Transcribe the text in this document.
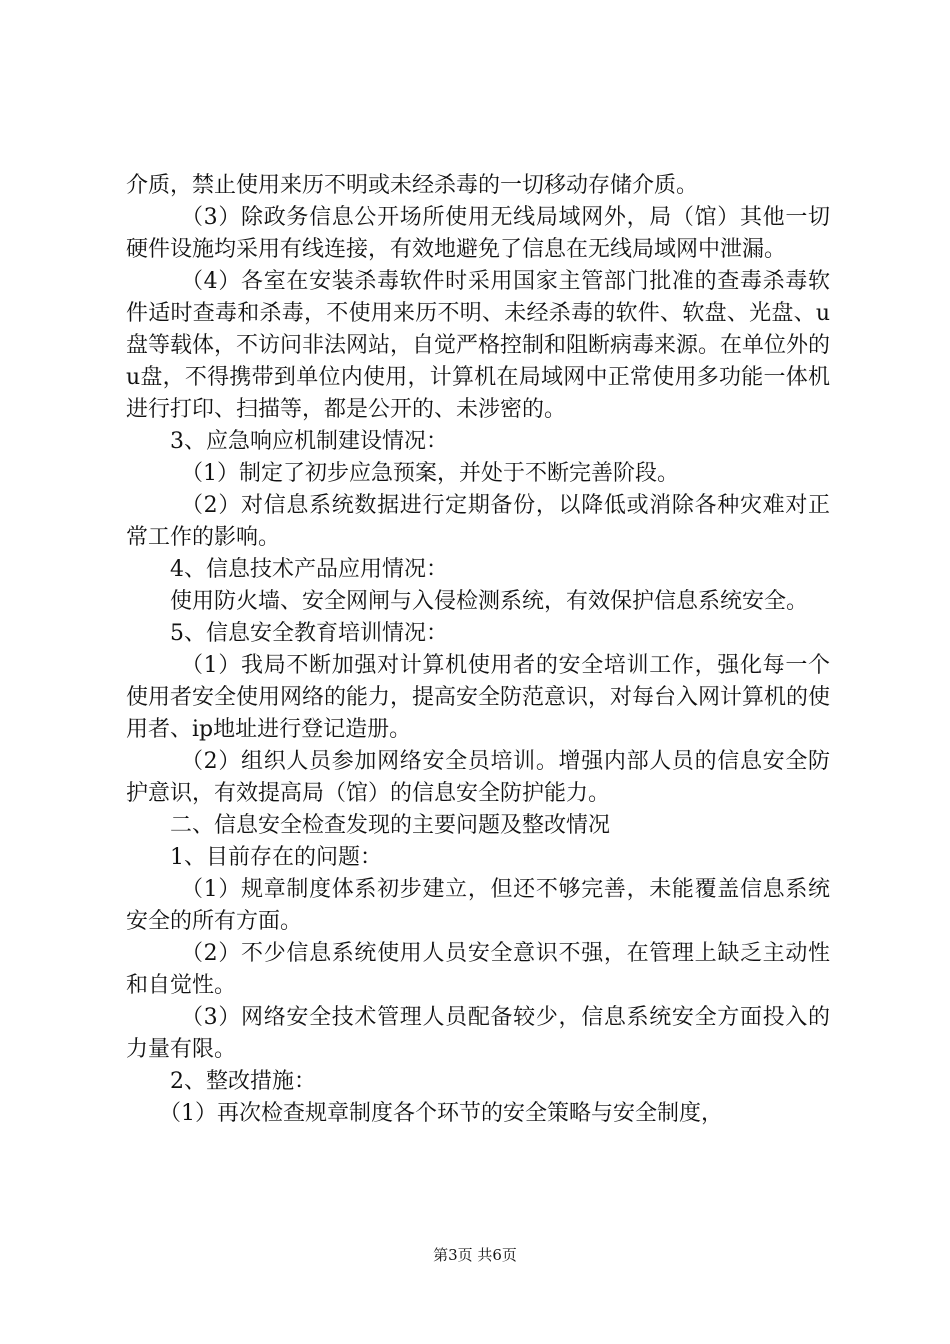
介质，禁止使用来历不明或未经杀毒的一切移动存储介质。

（3）除政务信息公开场所使用无线局域网外，局（馆）其他一切硬件设施均采用有线连接，有效地避免了信息在无线局域网中泄漏。

（4）各室在安装杀毒软件时采用国家主管部门批准的查毒杀毒软件适时查毒和杀毒，不使用来历不明、未经杀毒的软件、软盘、光盘、u盘等载体，不访问非法网站，自觉严格控制和阻断病毒来源。在单位外的u盘，不得携带到单位内使用，计算机在局域网中正常使用多功能一体机进行打印、扫描等，都是公开的、未涉密的。

3、应急响应机制建设情况：

（1）制定了初步应急预案，并处于不断完善阶段。

（2）对信息系统数据进行定期备份，以降低或消除各种灾难对正常工作的影响。

4、信息技术产品应用情况：

使用防火墙、安全网闸与入侵检测系统，有效保护信息系统安全。

5、信息安全教育培训情况：

（1）我局不断加强对计算机使用者的安全培训工作，强化每一个使用者安全使用网络的能力，提高安全防范意识，对每台入网计算机的使用者、ip地址进行登记造册。

（2）组织人员参加网络安全员培训。增强内部人员的信息安全防护意识，有效提高局（馆）的信息安全防护能力。

二、信息安全检查发现的主要问题及整改情况

1、目前存在的问题：

（1）规章制度体系初步建立，但还不够完善，未能覆盖信息系统安全的所有方面。

（2）不少信息系统使用人员安全意识不强，在管理上缺乏主动性和自觉性。

（3）网络安全技术管理人员配备较少，信息系统安全方面投入的力量有限。

2、整改措施：

（1）再次检查规章制度各个环节的安全策略与安全制度，

第3页 共6页
